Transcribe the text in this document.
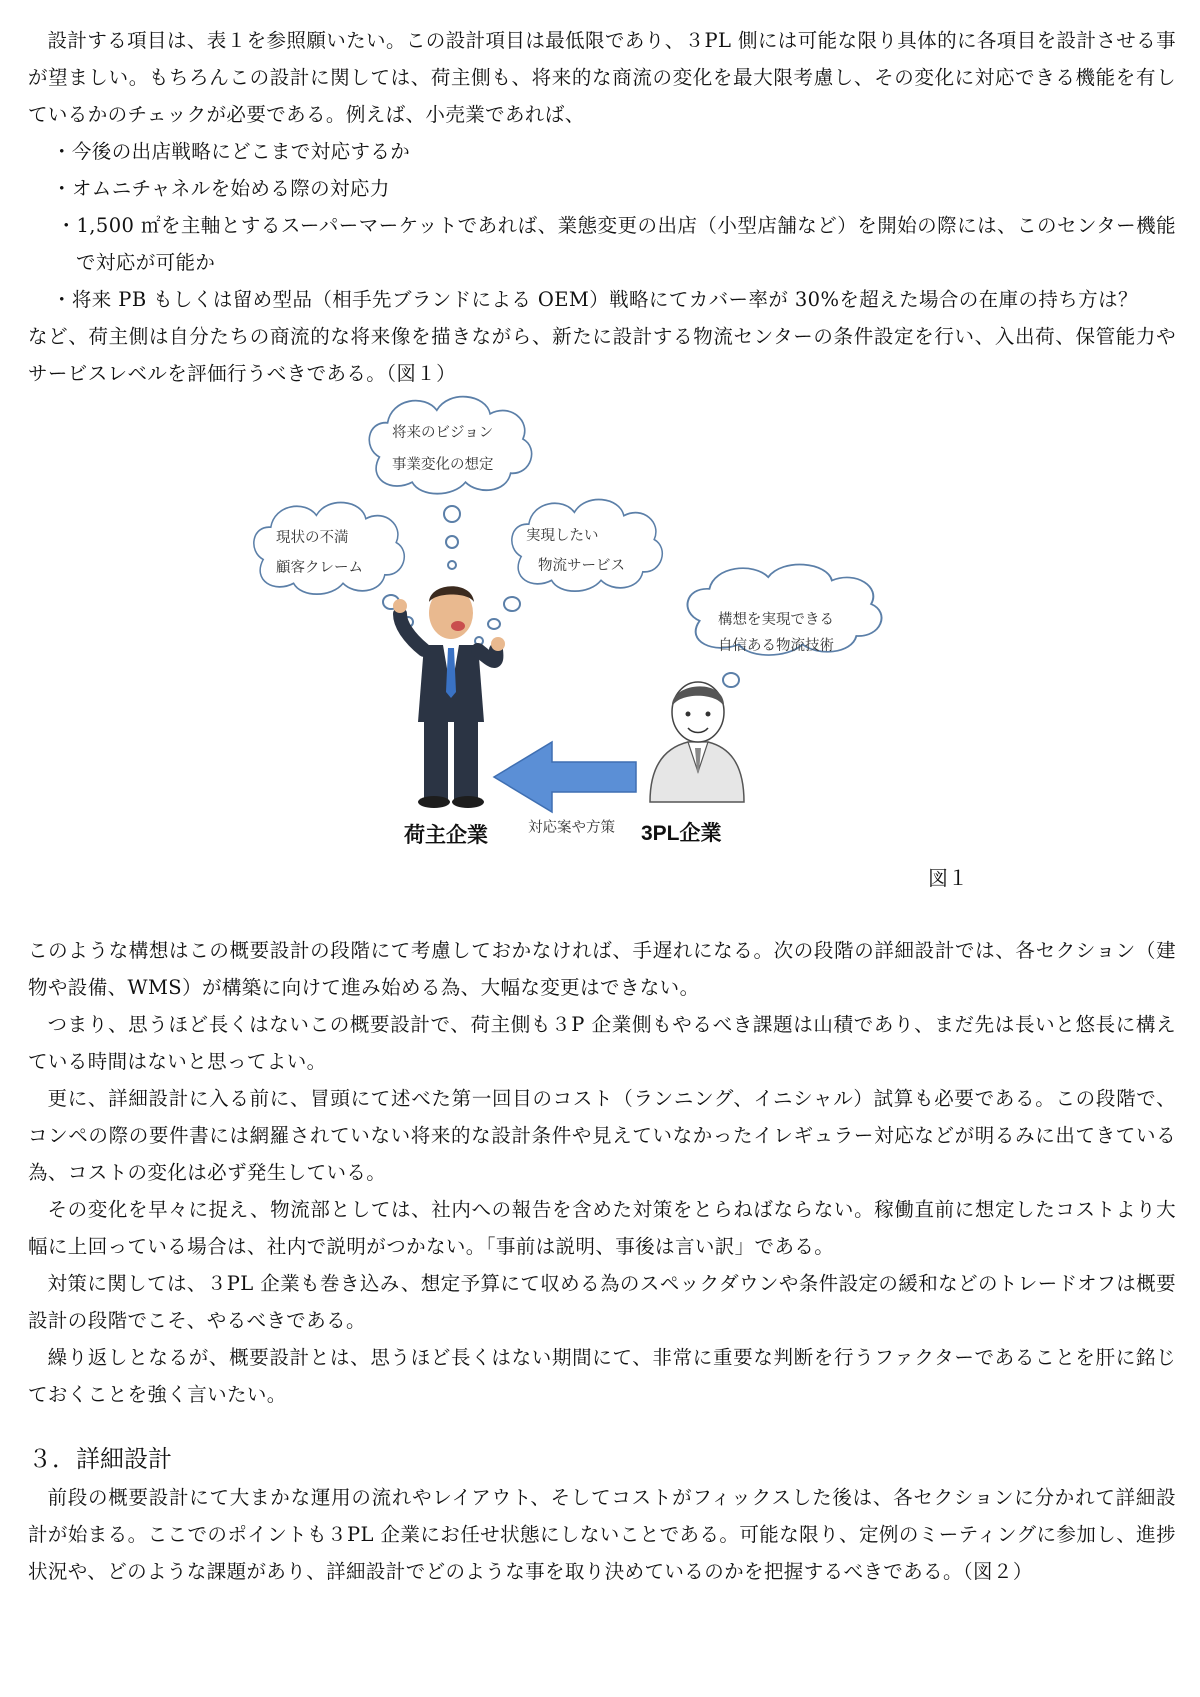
設計する項目は、表１を参照願いたい。この設計項目は最低限であり、３PL 側には可能な限り具体的に各項目を設計させる事が望ましい。もちろんこの設計に関しては、荷主側も、将来的な商流の変化を最大限考慮し、その変化に対応できる機能を有しているかのチェックが必要である。例えば、小売業であれば、

・今後の出店戦略にどこまで対応するか

・オムニチャネルを始める際の対応力

・1,500 ㎡を主軸とするスーパーマーケットであれば、業態変更の出店（小型店舗など）を開始の際には、このセンター機能で対応が可能か

・将来 PB もしくは留め型品（相手先ブランドによる OEM）戦略にてカバー率が 30%を超えた場合の在庫の持ち方は？

など、荷主側は自分たちの商流的な将来像を描きながら、新たに設計する物流センターの条件設定を行い、入出荷、保管能力やサービスレベルを評価行うべきである。（図１）

将来のビジョン
事業変化の想定
現状の不満
顧客クレーム
実現したい
物流サービス
構想を実現できる
自信ある物流技術
対応案や方策
荷主企業	3PL企業
図１

このような構想はこの概要設計の段階にて考慮しておかなければ、手遅れになる。次の段階の詳細設計では、各セクション（建物や設備、WMS）が構築に向けて進み始める為、大幅な変更はできない。

つまり、思うほど長くはないこの概要設計で、荷主側も３P 企業側もやるべき課題は山積であり、まだ先は長いと悠長に構えている時間はないと思ってよい。

更に、詳細設計に入る前に、冒頭にて述べた第一回目のコスト（ランニング、イニシャル）試算も必要である。この段階で、コンペの際の要件書には網羅されていない将来的な設計条件や見えていなかったイレギュラー対応などが明るみに出てきている為、コストの変化は必ず発生している。

その変化を早々に捉え、物流部としては、社内への報告を含めた対策をとらねばならない。稼働直前に想定したコストより大幅に上回っている場合は、社内で説明がつかない。「事前は説明、事後は言い訳」である。

対策に関しては、３PL 企業も巻き込み、想定予算にて収める為のスペックダウンや条件設定の緩和などのトレードオフは概要設計の段階でこそ、やるべきである。

繰り返しとなるが、概要設計とは、思うほど長くはない期間にて、非常に重要な判断を行うファクターであることを肝に銘じておくことを強く言いたい。

３．詳細設計

前段の概要設計にて大まかな運用の流れやレイアウト、そしてコストがフィックスした後は、各セクションに分かれて詳細設計が始まる。ここでのポイントも３PL 企業にお任せ状態にしないことである。可能な限り、定例のミーティングに参加し、進捗状況や、どのような課題があり、詳細設計でどのような事を取り決めているのかを把握するべきである。（図２）
